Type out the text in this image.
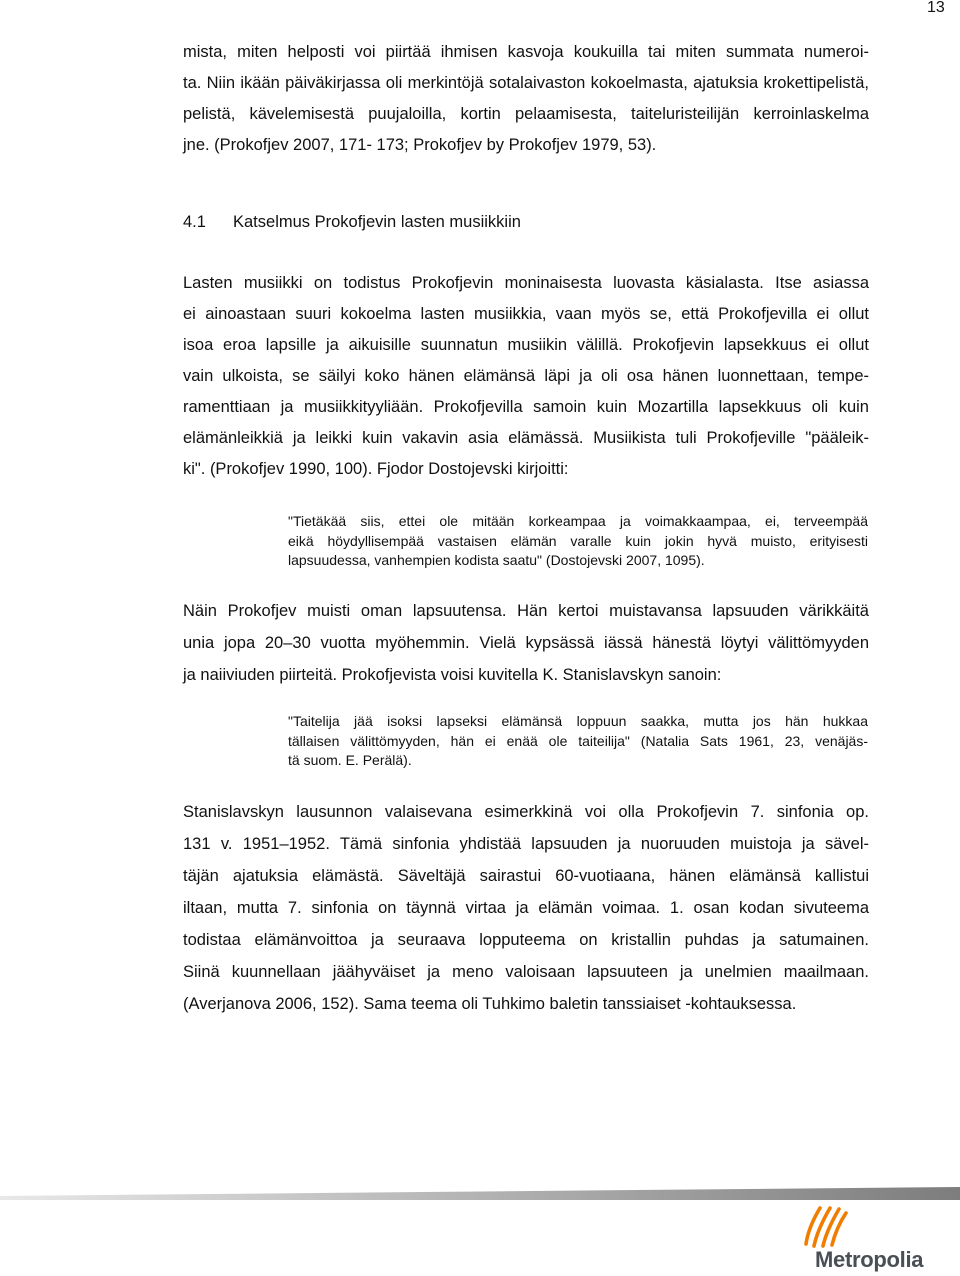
13
mista, miten helposti voi piirtää ihmisen kasvoja koukuilla tai miten summata numeroi-
ta. Niin ikään päiväkirjassa oli merkintöjä sotalaivaston kokoelmasta, ajatuksia krokettipelistä,
pelistä, kävelemisestä puujaloilla, kortin pelaamisesta, taiteluristeilijän kerroinlaskelma
jne. (Prokofjev 2007, 171- 173; Prokofjev by Prokofjev 1979, 53).
4.1 Katselmus Prokofjevin lasten musiikkiin
Lasten musiikki on todistus Prokofjevin moninaisesta luovasta käsialasta. Itse asiassa
ei ainoastaan suuri kokoelma lasten musiikkia, vaan myös se, että Prokofjevilla ei ollut
isoa eroa lapsille ja aikuisille suunnatun musiikin välillä. Prokofjevin lapsekkuus ei ollut
vain ulkoista, se säilyi koko hänen elämänsä läpi ja oli osa hänen luonnettaan, tempe-
ramenttiaan ja musiikkityyliään. Prokofjevilla samoin kuin Mozartilla lapsekkuus oli kuin
elämänleikkiä ja leikki kuin vakavin asia elämässä. Musiikista tuli Prokofjeville "pääleik-
ki". (Prokofjev 1990, 100). Fjodor Dostojevski kirjoitti:
"Tietäkää siis, ettei ole mitään korkeampaa ja voimakkaampaa, ei, terveempää
eikä höydyllisempää vastaisen elämän varalle kuin jokin hyvä muisto, erityisesti
lapsuudessa, vanhempien kodista saatu" (Dostojevski 2007, 1095).
Näin Prokofjev muisti oman lapsuutensa. Hän kertoi muistavansa lapsuuden värikkäitä
unia jopa 20–30 vuotta myöhemmin. Vielä kypsässä iässä hänestä löytyi välittömyyden
ja naiiviuden piirteitä. Prokofjevista voisi kuvitella K. Stanislavskyn sanoin:
"Taitelija jää isoksi lapseksi elämänsä loppuun saakka, mutta jos hän hukkaa
tällaisen välittömyyden, hän ei enää ole taiteilija" (Natalia Sats 1961, 23, venäjäs-
tä suom. E. Perälä).
Stanislavskyn lausunnon valaisevana esimerkkinä voi olla Prokofjevin 7. sinfonia op.
131 v. 1951–1952. Tämä sinfonia yhdistää lapsuuden ja nuoruuden muistoja ja sävel-
täjän ajatuksia elämästä. Säveltäjä sairastui 60-vuotiaana, hänen elämänsä kallistui
iltaan, mutta 7. sinfonia on täynnä virtaa ja elämän voimaa. 1. osan kodan sivuteema
todistaa elämänvoittoa ja seuraava lopputeema on kristallin puhdas ja satumainen.
Siinä kuunnellaan jäähyväiset ja meno valoisaan lapsuuteen ja unelmien maailmaan.
(Averjanova 2006, 152). Sama teema oli Tuhkimo baletin tanssiaiset -kohtauksessa.
Metropolia
